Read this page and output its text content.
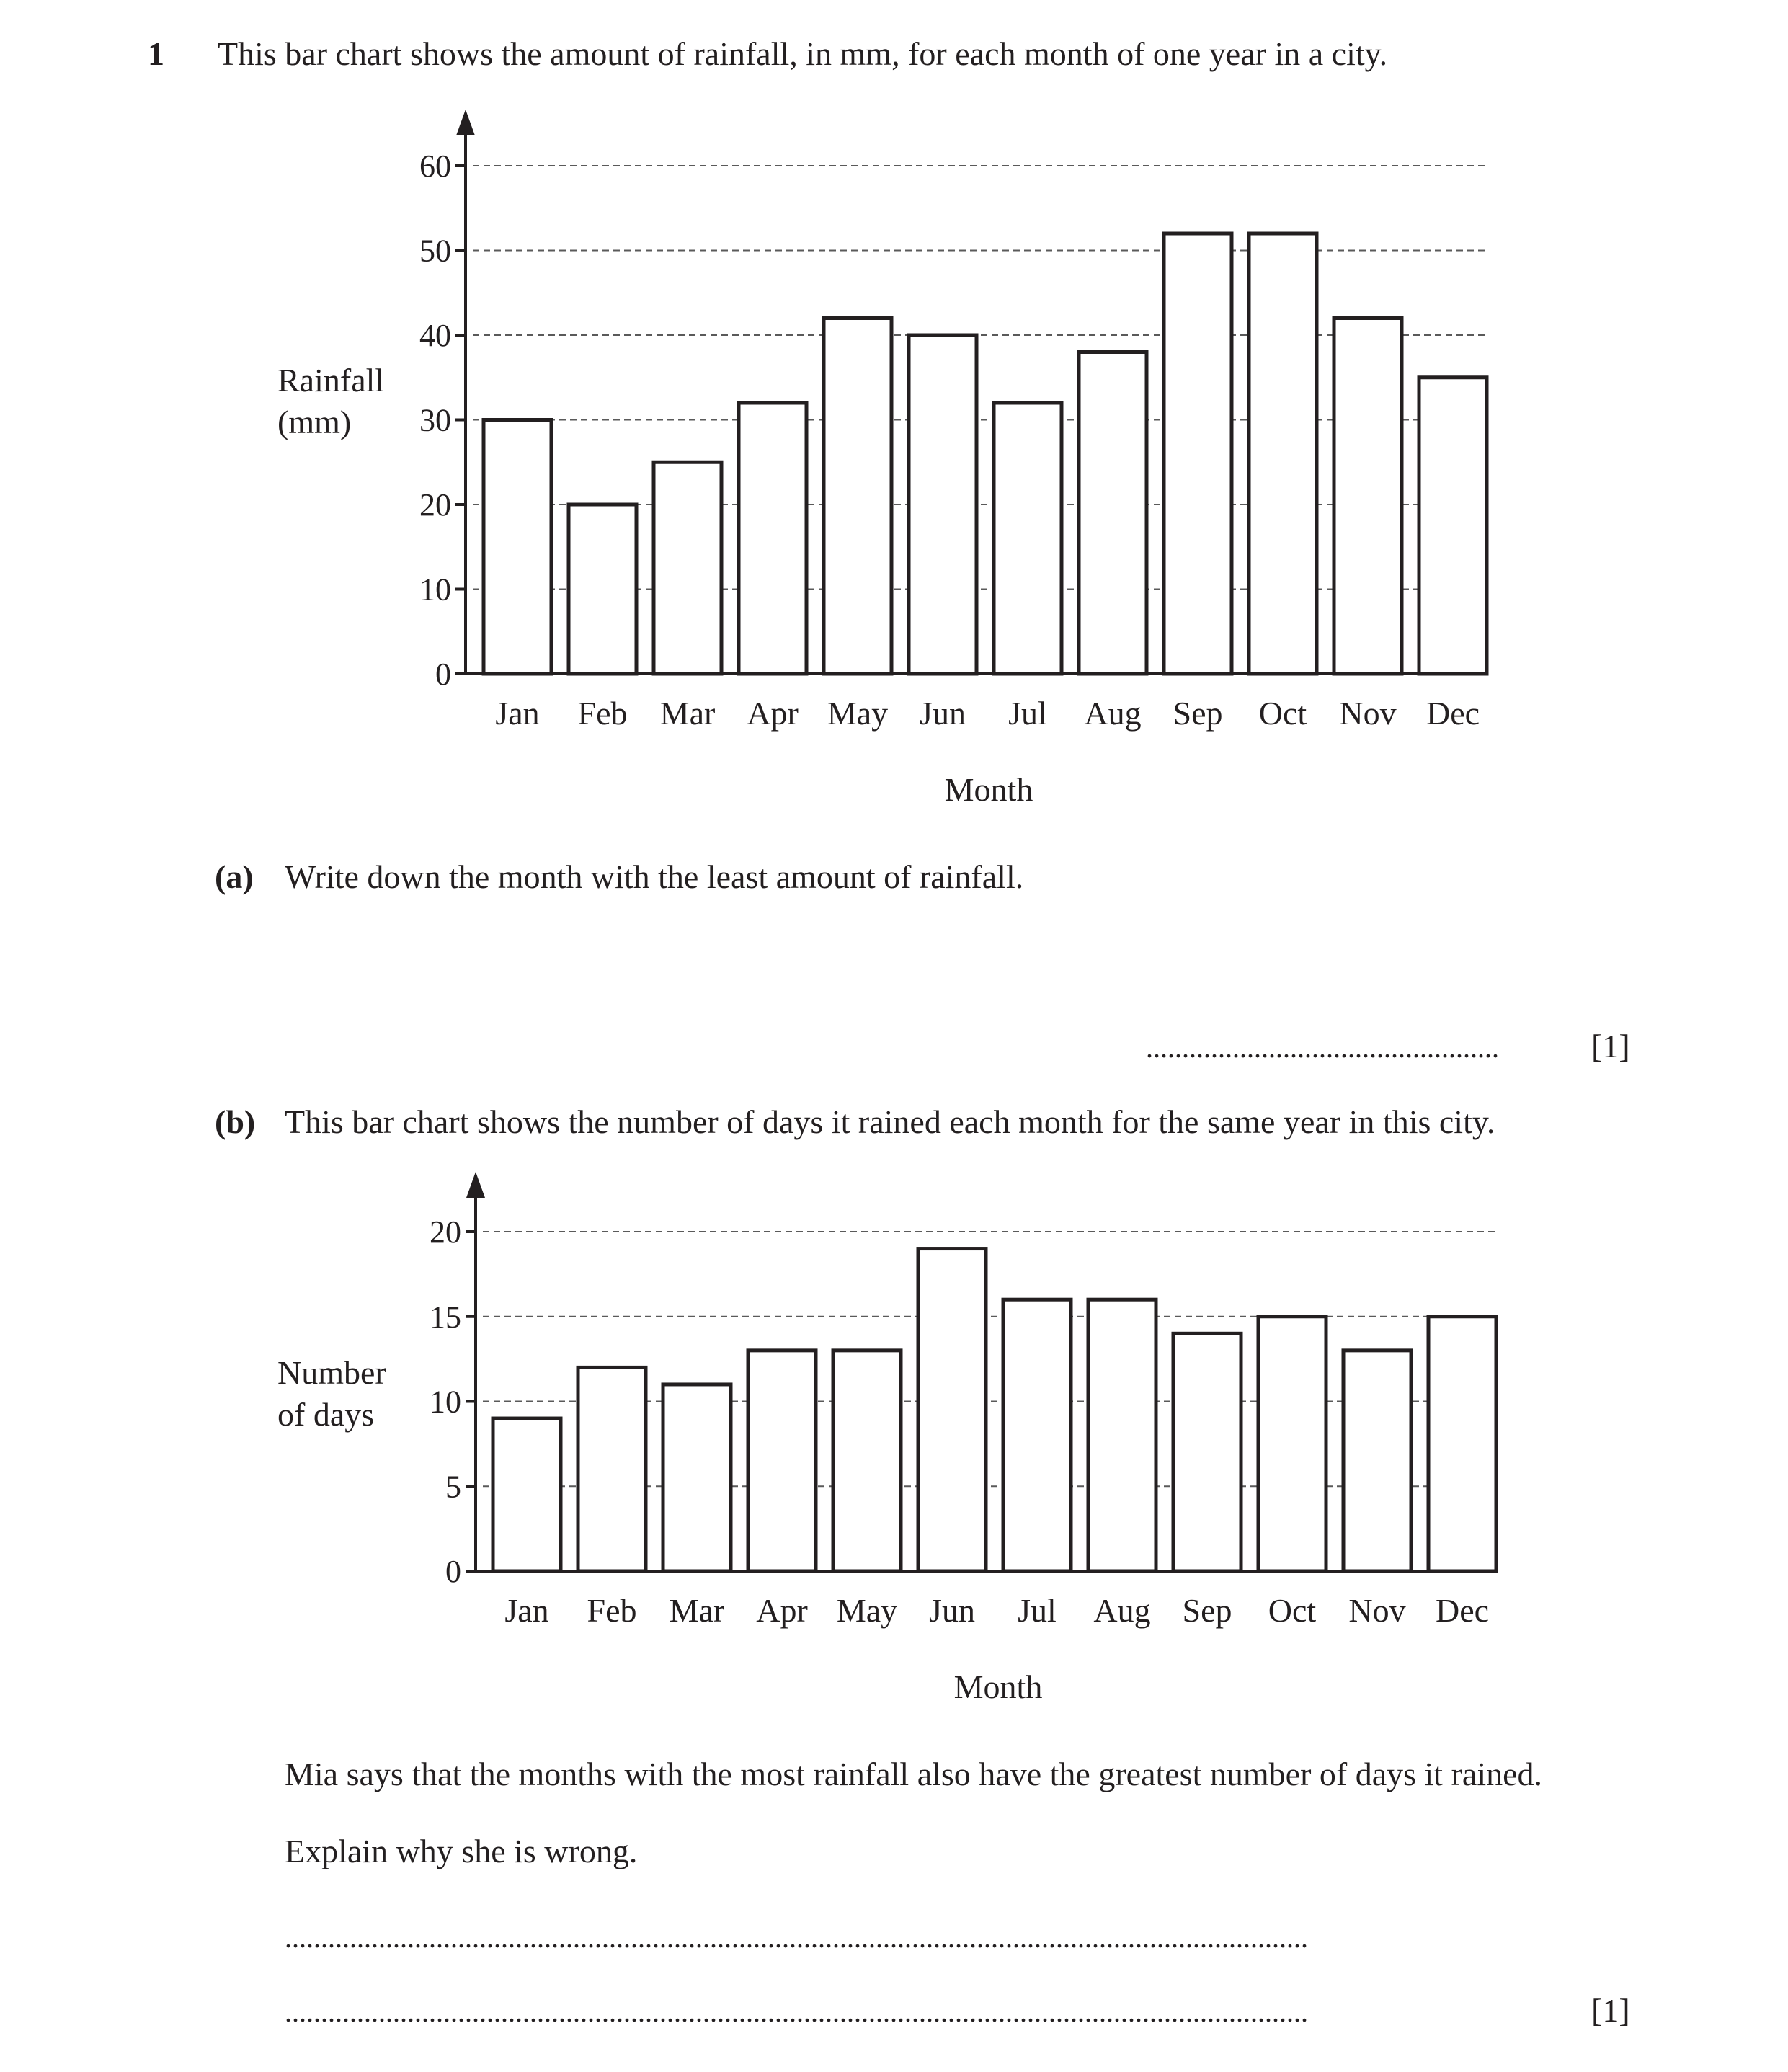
1 This bar chart shows the amount of rainfall, in mm, for each month of one year in a city.
0
10
20
30
40
50
60
Jan Feb Mar Apr May Jun Jul Aug Sep Oct Nov Dec
Month
Rainfall
(mm)
(a) Write down the month with the least amount of rainfall.
.................................................	[1]
(b) This bar chart shows the number of days it rained each month for the same year in this city.
0
5
10
15
20
Jan Feb Mar Apr May Jun Jul Aug Sep Oct Nov Dec
Month
Number
of days
Mia says that the months with the most rainfall also have the greatest number of days it rained.
Explain why she is wrong.
..............................................................................................................................................
..............................................................................................................................................	[1]
